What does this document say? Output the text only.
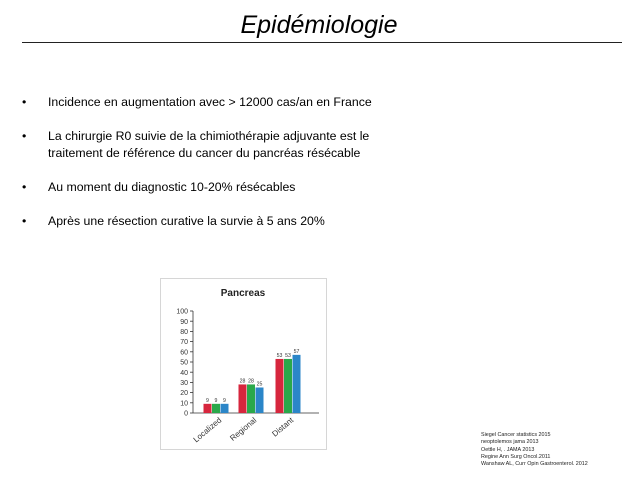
Epidémiologie
• Incidence en augmentation avec > 12000 cas/an en France
• La chirurgie R0 suivie de la chimiothérapie adjuvante est le
traitement de référence du cancer du pancréas résécable
• Au moment du diagnostic 10-20% résécables
• Après une résection curative la survie à 5 ans 20%
Pancreas
0
10
20
30
40
50
60
70
80
90
100
9 9 9
Localized
28 28
25
Regional
53 53
57
Distant	Siegel Cancer statistics 2015
neoptolemos jama 2013
Oettle H, . JAMA 2013
Regine Ann Surg Oncol.2011
Wanshaw AL, Curr Opin Gastroenterol. 2012
